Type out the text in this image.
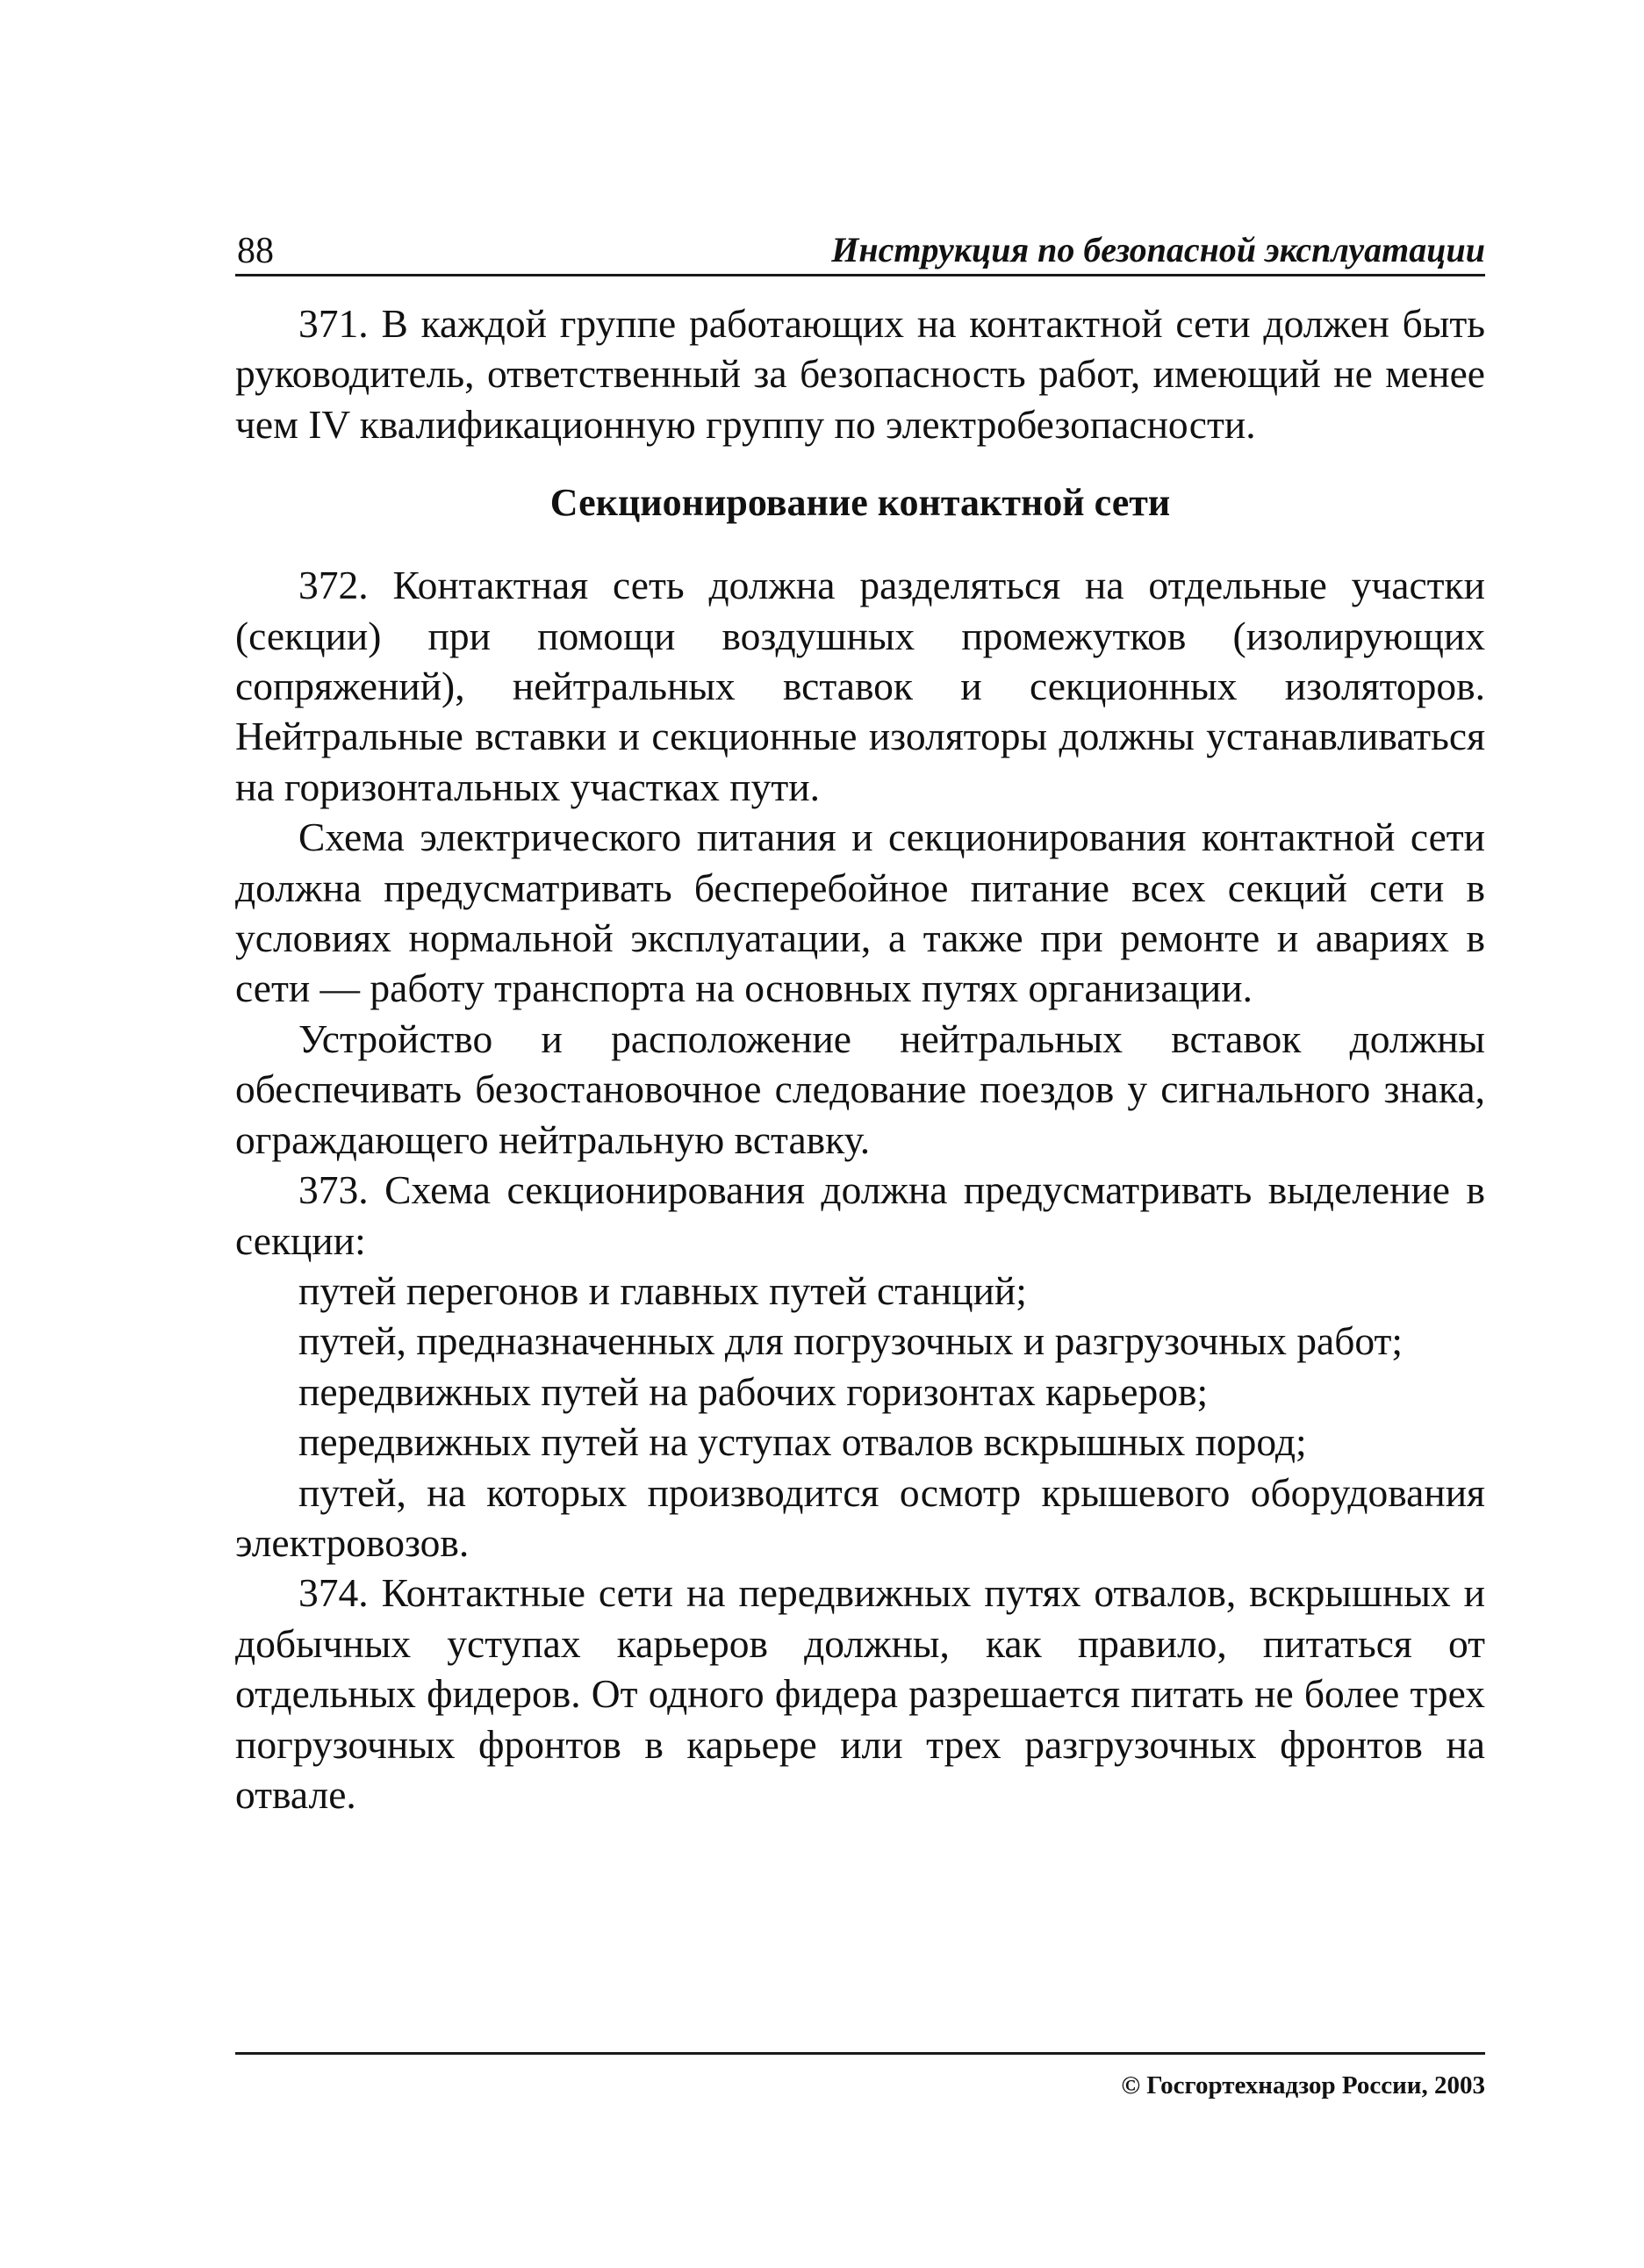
88	Инструкция по безопасной эксплуатации

371. В каждой группе работающих на контактной сети должен быть руководитель, ответственный за безопасность работ, имеющий не менее чем IV квалификационную группу по электробезопасности.

Секционирование контактной сети

372. Контактная сеть должна разделяться на отдельные участки (секции) при помощи воздушных промежутков (изолирующих сопряжений), нейтральных вставок и секционных изоляторов. Нейтральные вставки и секционные изоляторы должны устанавливаться на горизонтальных участках пути.

Схема электрического питания и секционирования контактной сети должна предусматривать бесперебойное питание всех секций сети в условиях нормальной эксплуатации, а также при ремонте и авариях в сети — работу транспорта на основных путях организации.

Устройство и расположение нейтральных вставок должны обеспечивать безостановочное следование поездов у сигнального знака, ограждающего нейтральную вставку.

373. Схема секционирования должна предусматривать выделение в секции:

путей перегонов и главных путей станций;

путей, предназначенных для погрузочных и разгрузочных работ;

передвижных путей на рабочих горизонтах карьеров;

передвижных путей на уступах отвалов вскрышных пород;

путей, на которых производится осмотр крышевого оборудования электровозов.

374. Контактные сети на передвижных путях отвалов, вскрышных и добычных уступах карьеров должны, как правило, питаться от отдельных фидеров. От одного фидера разрешается питать не более трех погрузочных фронтов в карьере или трех разгрузочных фронтов на отвале.

© Госгортехнадзор России, 2003
